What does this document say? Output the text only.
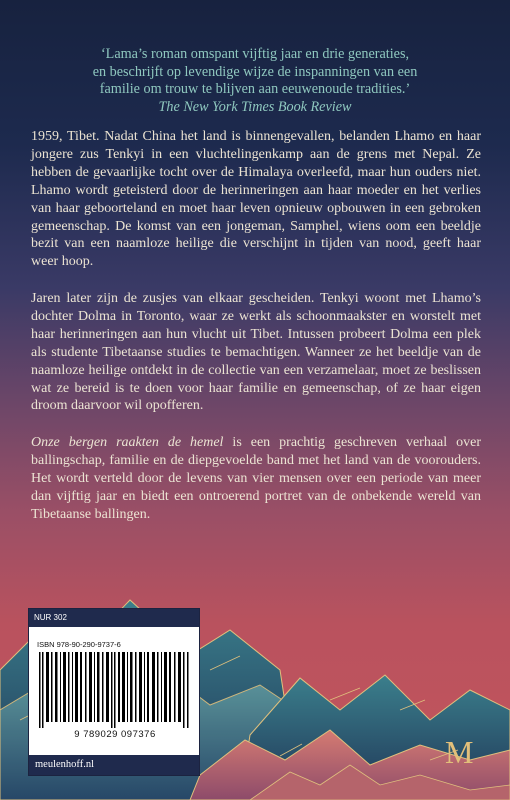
‘Lama’s roman omspant vijftig jaar en drie generaties,
en beschrijft op levendige wijze de inspanningen van een
familie om trouw te blijven aan eeuwenoude tradities.’
The New York Times Book Review
1959, Tibet. Nadat China het land is binnengevallen, belanden Lhamo en haar jongere zus Tenkyi in een vluchtelingenkamp aan de grens met Nepal. Ze hebben de gevaarlijke tocht over de Himalaya overleefd, maar hun ouders niet. Lhamo wordt geteisterd door de herinneringen aan haar moeder en het verlies van haar geboorteland en moet haar leven opnieuw opbouwen in een gebroken gemeenschap. De komst van een jongeman, Samphel, wiens oom een beeldje bezit van een naamloze heilige die verschijnt in tijden van nood, geeft haar weer hoop.
Jaren later zijn de zusjes van elkaar gescheiden. Tenkyi woont met Lhamo’s dochter Dolma in Toronto, waar ze werkt als schoonmaakster en worstelt met haar herinneringen aan hun vlucht uit Tibet. Intussen probeert Dolma een plek als studente Tibetaanse studies te bemachtigen. Wanneer ze het beeldje van de naamloze heilige ontdekt in de collectie van een verzamelaar, moet ze beslissen wat ze bereid is te doen voor haar familie en gemeenschap, of ze haar eigen droom daarvoor wil opofferen.
Onze bergen raakten de hemel is een prachtig geschreven verhaal over ballingschap, familie en de diepgevoelde band met het land van de voorouders. Het wordt verteld door de levens van vier mensen over een periode van meer dan vijftig jaar en biedt een ontroerend portret van de onbekende wereld van Tibetaanse ballingen.
NUR 302
ISBN 978-90-290-9737-6
9 789029 097376
meulenhoff.nl	M
